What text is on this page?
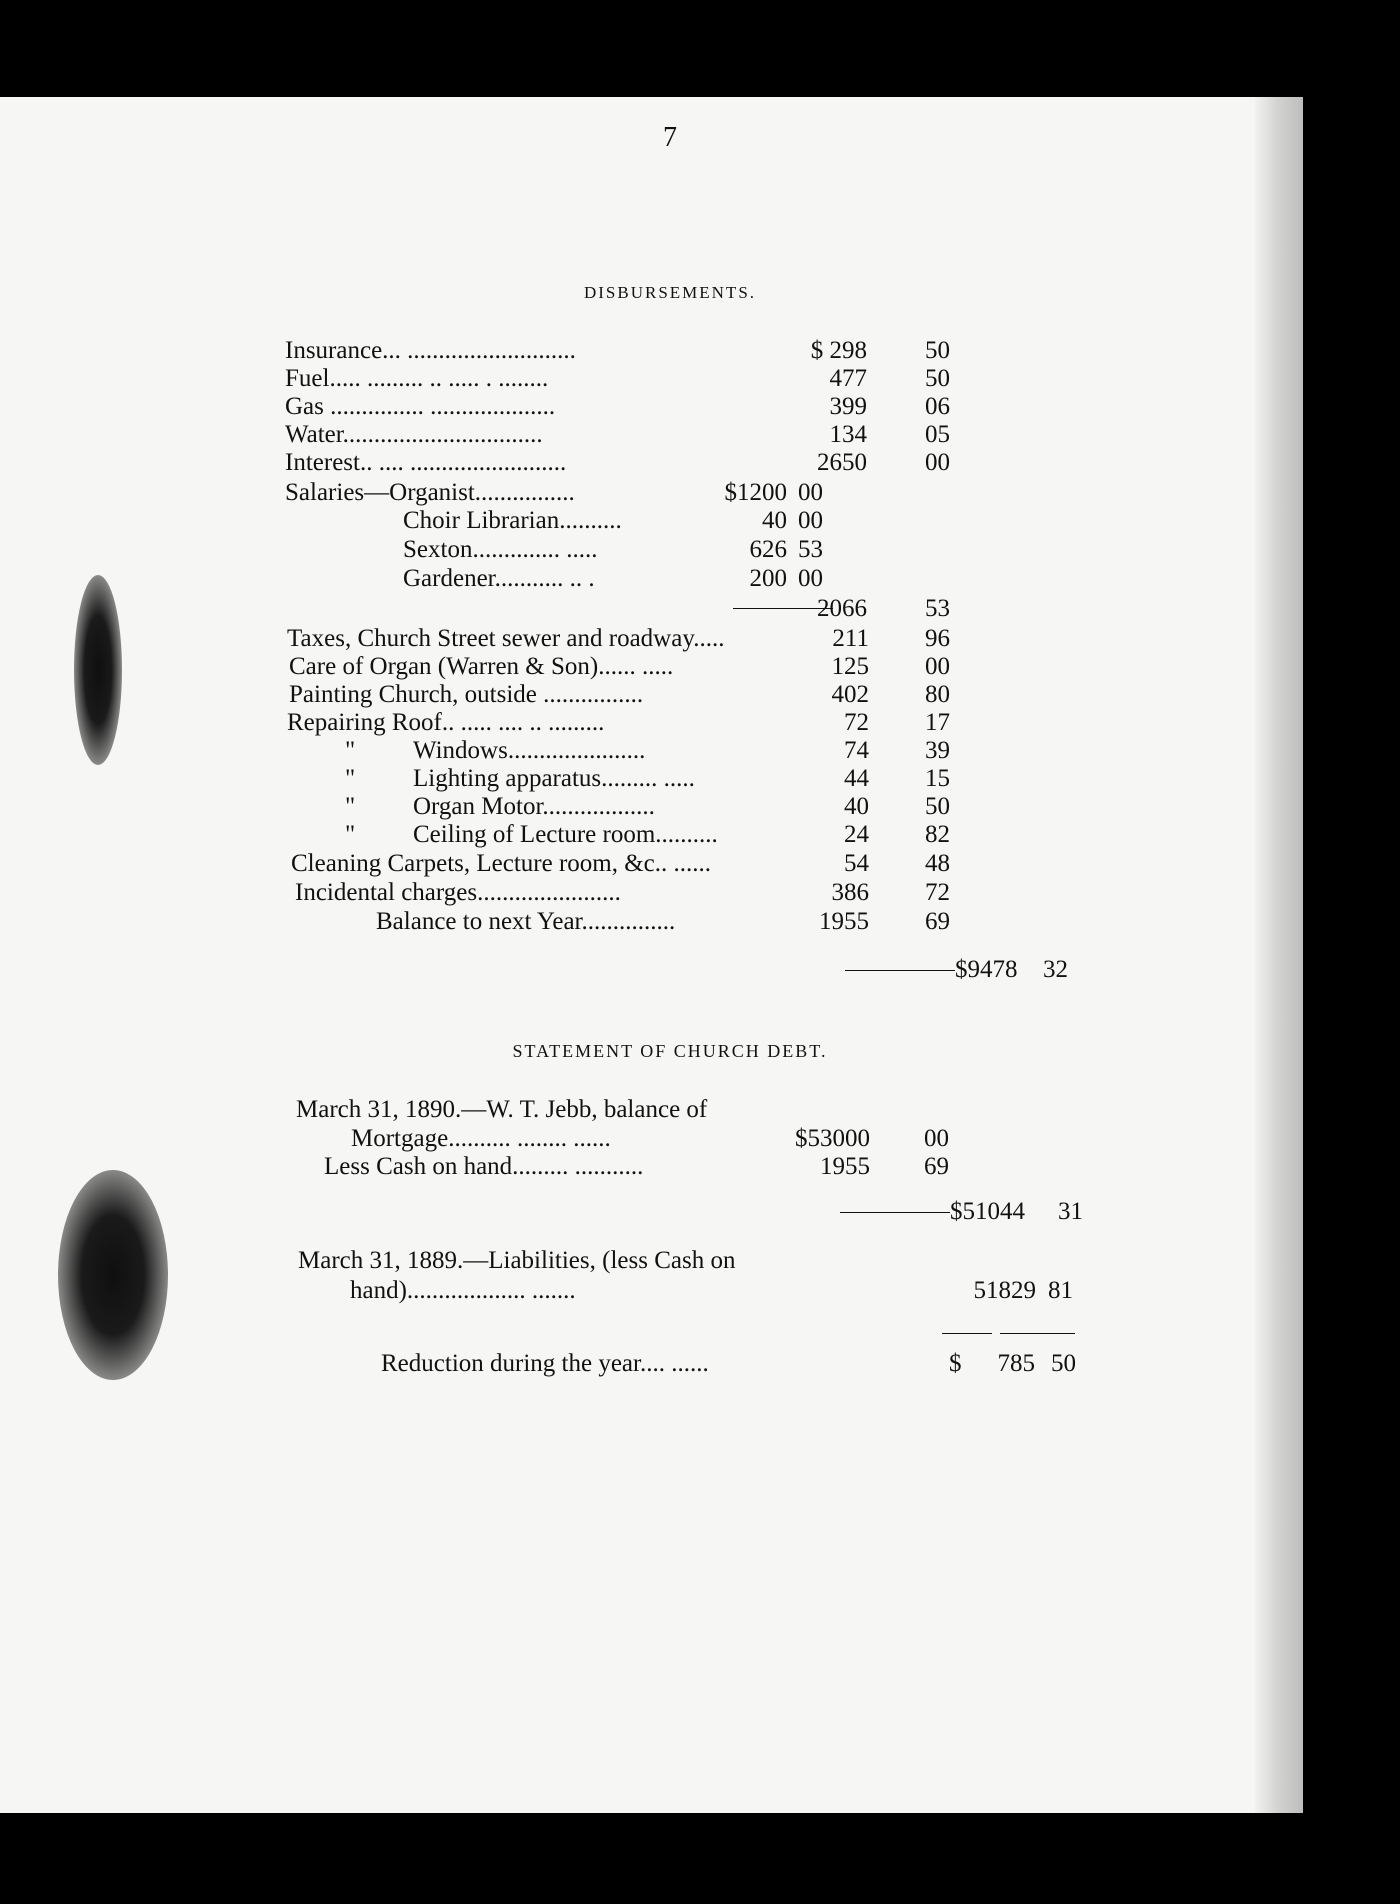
7
DISBURSEMENTS.
Insurance... ...........................	$ 298 50
Fuel..... ......... .. ..... . ........	477 50
Gas ............... ....................	399 06
Water................................	134 05
Interest.. .... .........................	2650 00
Salaries—Organist................	$1200 00
Choir Librarian..........	40 00
Sexton.............. .....	626 53
Gardener........... .. .	200 00
2066 53
Taxes, Church Street sewer and roadway.....	211 96
Care of Organ (Warren & Son)...... .....	125 00
Painting Church, outside ................	402 80
Repairing Roof.. ..... .... .. .........	72 17
" Windows......................	74 39
" Lighting apparatus......... .....	44 15
" Organ Motor..................	40 50
" Ceiling of Lecture room..........	24 82
Cleaning Carpets, Lecture room, &c.. ......	54 48
Incidental charges.......................	386 72
Balance to next Year...............	1955 69
$9478 32
STATEMENT OF CHURCH DEBT.
March 31, 1890.—W. T. Jebb, balance of
Mortgage.......... ........ ......	$53000 00
Less Cash on hand......... ...........	1955 69
$51044 31
March 31, 1889.—Liabilities, (less Cash on
hand)................... .......	51829 81
Reduction during the year.... ......	$ 785 50
